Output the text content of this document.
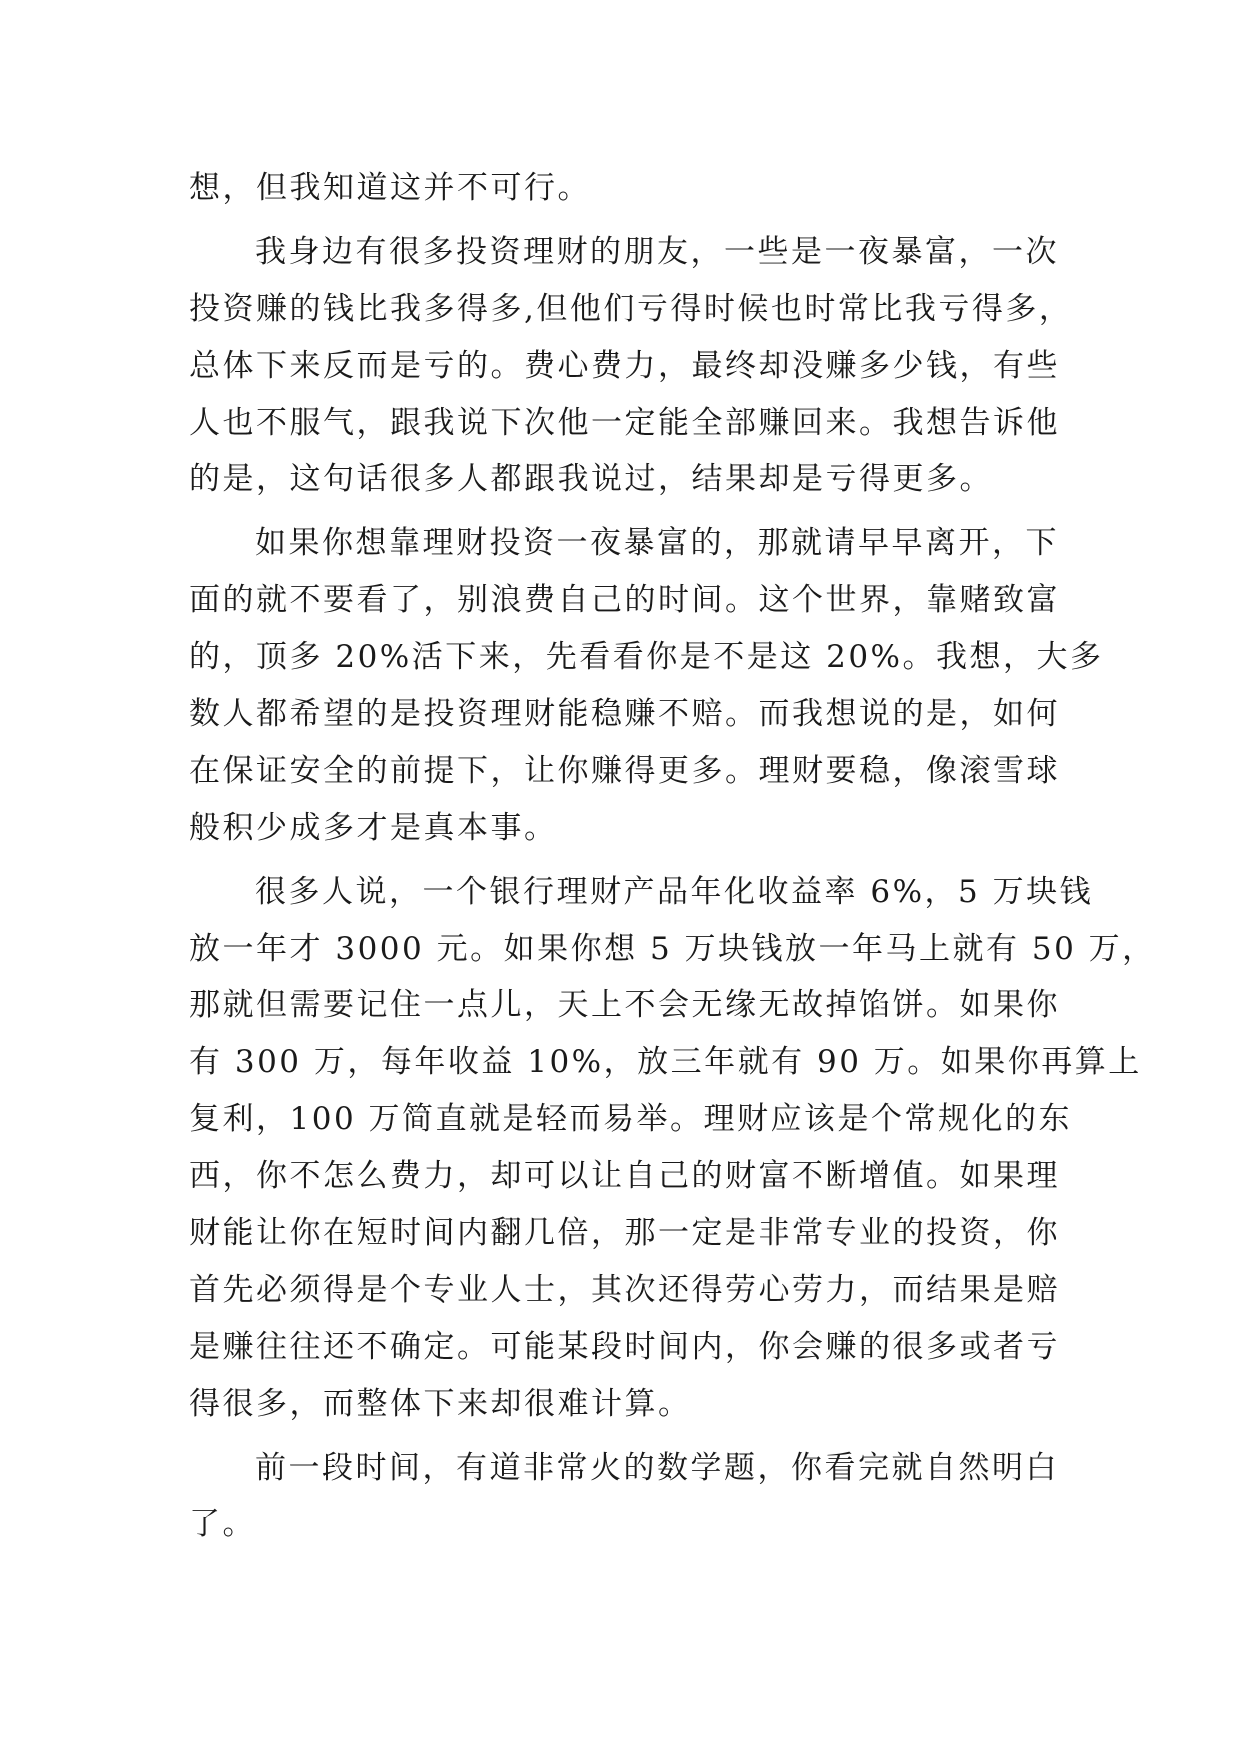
想，但我知道这并不可行。
我身边有很多投资理财的朋友，一些是一夜暴富，一次
投资赚的钱比我多得多,但他们亏得时候也时常比我亏得多，
总体下来反而是亏的。费心费力，最终却没赚多少钱，有些
人也不服气，跟我说下次他一定能全部赚回来。我想告诉他
的是，这句话很多人都跟我说过，结果却是亏得更多。
如果你想靠理财投资一夜暴富的，那就请早早离开，下
面的就不要看了，别浪费自己的时间。这个世界，靠赌致富
的，顶多 20%活下来，先看看你是不是这 20%。我想，大多
数人都希望的是投资理财能稳赚不赔。而我想说的是，如何
在保证安全的前提下，让你赚得更多。理财要稳，像滚雪球
般积少成多才是真本事。
很多人说，一个银行理财产品年化收益率 6%，5 万块钱
放一年才 3000 元。如果你想 5 万块钱放一年马上就有 50 万，
那就但需要记住一点儿，天上不会无缘无故掉馅饼。如果你
有 300 万，每年收益 10%，放三年就有 90 万。如果你再算上
复利，100 万简直就是轻而易举。理财应该是个常规化的东
西，你不怎么费力，却可以让自己的财富不断增值。如果理
财能让你在短时间内翻几倍，那一定是非常专业的投资，你
首先必须得是个专业人士，其次还得劳心劳力，而结果是赔
是赚往往还不确定。可能某段时间内，你会赚的很多或者亏
得很多，而整体下来却很难计算。
前一段时间，有道非常火的数学题，你看完就自然明白
了。
